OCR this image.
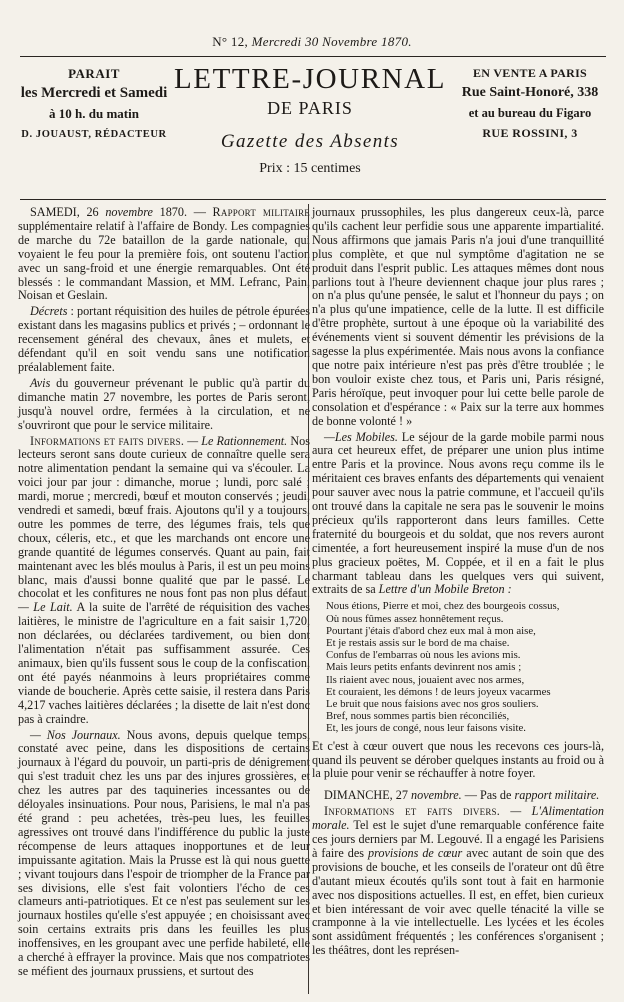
N° 12, Mercredi 30 Novembre 1870.
PARAIT
les Mercredi et Samedi
à 10 h. du matin
D. JOUAUST, RÉDACTEUR
LETTRE-JOURNAL
DE PARIS
Gazette des Absents
Prix : 15 centimes
EN VENTE A PARIS
Rue Saint-Honoré, 338
et au bureau du Figaro
RUE ROSSINI, 3

SAMEDI, 26 novembre 1870. — Rapport militaire supplémentaire relatif à l'affaire de Bondy. Les compagnies de marche du 72e bataillon de la garde nationale, qui voyaient le feu pour la première fois, ont soutenu l'action avec un sang-froid et une énergie remarquables. Ont été blessés : le commandant Massion, et MM. Lefranc, Pain, Noisan et Geslain.

Décrets : portant réquisition des huiles de pétrole épurées existant dans les magasins publics et privés ; – ordonnant le recensement général des chevaux, ânes et mulets, et défendant qu'il en soit vendu sans une notification préalablement faite.

Avis du gouverneur prévenant le public qu'à partir du dimanche matin 27 novembre, les portes de Paris seront, jusqu'à nouvel ordre, fermées à la circulation, et ne s'ouvriront que pour le service militaire.

Informations et faits divers. — Le Rationnement. Nos lecteurs seront sans doute curieux de connaître quelle sera notre alimentation pendant la semaine qui va s'écouler. La voici jour par jour : dimanche, morue ; lundi, porc salé ; mardi, morue ; mercredi, bœuf et mouton conservés ; jeudi, vendredi et samedi, bœuf frais. Ajoutons qu'il y a toujours, outre les pommes de terre, des légumes frais, tels que choux, céleris, etc., et que les marchands ont encore une grande quantité de légumes conservés. Quant au pain, fait maintenant avec les blés moulus à Paris, il est un peu moins blanc, mais d'aussi bonne qualité que par le passé. Le chocolat et les confitures ne nous font pas non plus défaut. — Le Lait. A la suite de l'arrêté de réquisition des vaches laitières, le ministre de l'agriculture en a fait saisir 1,720, non déclarées, ou déclarées tardivement, ou bien dont l'alimentation n'était pas suffisamment assurée. Ces animaux, bien qu'ils fussent sous le coup de la confiscation, ont été payés néanmoins à leurs propriétaires comme viande de boucherie. Après cette saisie, il restera dans Paris 4,217 vaches laitières déclarées ; la disette de lait n'est donc pas à craindre.

— Nos Journaux. Nous avons, depuis quelque temps, constaté avec peine, dans les dispositions de certains journaux à l'égard du pouvoir, un parti-pris de dénigrement qui s'est traduit chez les uns par des injures grossières, et chez les autres par des taquineries incessantes ou de déloyales insinuations. Pour nous, Parisiens, le mal n'a pas été grand : peu achetées, très-peu lues, les feuilles agressives ont trouvé dans l'indifférence du public la juste récompense de leurs attaques inopportunes et de leur impuissante agitation. Mais la Prusse est là qui nous guette ; vivant toujours dans l'espoir de triompher de la France par ses divisions, elle s'est fait volontiers l'écho de ces clameurs anti-patriotiques. Et ce n'est pas seulement sur les journaux hostiles qu'elle s'est appuyée ; en choisissant avec soin certains extraits pris dans les feuilles les plus inoffensives, en les groupant avec une perfide habileté, elle a cherché à effrayer la province. Mais que nos compatriotes se méfient des journaux prussiens, et surtout des

journaux prussophiles, les plus dangereux ceux-là, parce qu'ils cachent leur perfidie sous une apparente impartialité. Nous affirmons que jamais Paris n'a joui d'une tranquillité plus complète, et que nul symptôme d'agitation ne se produit dans l'esprit public. Les attaques mêmes dont nous parlions tout à l'heure deviennent chaque jour plus rares ; on n'a plus qu'une pensée, le salut et l'honneur du pays ; on n'a plus qu'une impatience, celle de la lutte. Il est difficile d'être prophète, surtout à une époque où la variabilité des événements vient si souvent démentir les prévisions de la sagesse la plus expérimentée. Mais nous avons la confiance que notre paix intérieure n'est pas près d'être troublée ; le bon vouloir existe chez tous, et Paris uni, Paris résigné, Paris héroïque, peut invoquer pour lui cette belle parole de consolation et d'espérance : « Paix sur la terre aux hommes de bonne volonté ! »

—Les Mobiles. Le séjour de la garde mobile parmi nous aura cet heureux effet, de préparer une union plus intime entre Paris et la province. Nous avons reçu comme ils le méritaient ces braves enfants des départements qui venaient pour sauver avec nous la patrie commune, et l'accueil qu'ils ont trouvé dans la capitale ne sera pas le souvenir le moins précieux qu'ils rapporteront dans leurs familles. Cette fraternité du bourgeois et du soldat, que nos revers auront cimentée, a fort heureusement inspiré la muse d'un de nos plus gracieux poëtes, M. Coppée, et il en a fait le plus charmant tableau dans les quelques vers qui suivent, extraits de sa Lettre d'un Mobile Breton :

Nous étions, Pierre et moi, chez des bourgeois cossus,
Où nous fûmes assez honnêtement reçus.
Pourtant j'étais d'abord chez eux mal à mon aise,
Et je restais assis sur le bord de ma chaise.
Confus de l'embarras où nous les avions mis.
Mais leurs petits enfants devinrent nos amis ;
Ils riaient avec nous, jouaient avec nos armes,
Et couraient, les démons ! de leurs joyeux vacarmes
Le bruit que nous faisions avec nos gros souliers.
Bref, nous sommes partis bien réconciliés,
Et, les jours de congé, nous leur faisons visite.

Et c'est à cœur ouvert que nous les recevons ces jours-là, quand ils peuvent se dérober quelques instants au froid ou à la pluie pour venir se réchauffer à notre foyer.

DIMANCHE, 27 novembre. — Pas de rapport militaire.

Informations et faits divers. — L'Alimentation morale. Tel est le sujet d'une remarquable conférence faite ces jours derniers par M. Legouvé. Il a engagé les Parisiens à faire des provisions de cœur avec autant de soin que des provisions de bouche, et les conseils de l'orateur ont dû être d'autant mieux écoutés qu'ils sont tout à fait en harmonie avec nos dispositions actuelles. Il est, en effet, bien curieux et bien intéressant de voir avec quelle ténacité la ville se cramponne à la vie intellectuelle. Les lycées et les écoles sont assidûment fréquentés ; les conférences s'organisent ; les théâtres, dont les représen-
